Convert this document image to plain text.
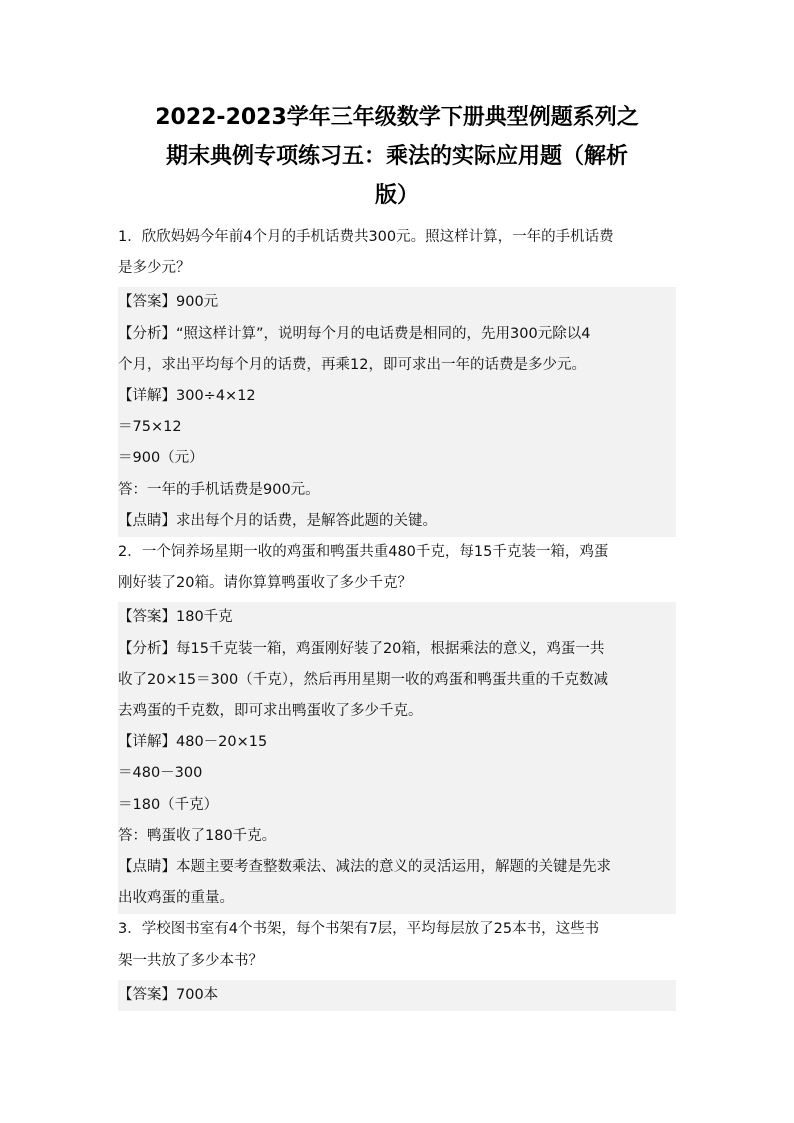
2022-2023学年三年级数学下册典型例题系列之
期末典例专项练习五：乘法的实际应用题（解析
版）

1．欣欣妈妈今年前4个月的手机话费共300元。照这样计算，一年的手机话费
是多少元？

【答案】900元

【分析】“照这样计算”，说明每个月的电话费是相同的，先用300元除以4
个月，求出平均每个月的话费，再乘12，即可求出一年的话费是多少元。

【详解】300÷4×12

＝75×12

＝900（元）

答：一年的手机话费是900元。

【点睛】求出每个月的话费，是解答此题的关键。

2．一个饲养场星期一收的鸡蛋和鸭蛋共重480千克，每15千克装一箱，鸡蛋
刚好装了20箱。请你算算鸭蛋收了多少千克？

【答案】180千克

【分析】每15千克装一箱，鸡蛋刚好装了20箱，根据乘法的意义，鸡蛋一共
收了20×15＝300（千克），然后再用星期一收的鸡蛋和鸭蛋共重的千克数减
去鸡蛋的千克数，即可求出鸭蛋收了多少千克。

【详解】480－20×15

＝480－300

＝180（千克）

答：鸭蛋收了180千克。

【点睛】本题主要考查整数乘法、减法的意义的灵活运用，解题的关键是先求
出收鸡蛋的重量。

3．学校图书室有4个书架，每个书架有7层，平均每层放了25本书，这些书
架一共放了多少本书？

【答案】700本
